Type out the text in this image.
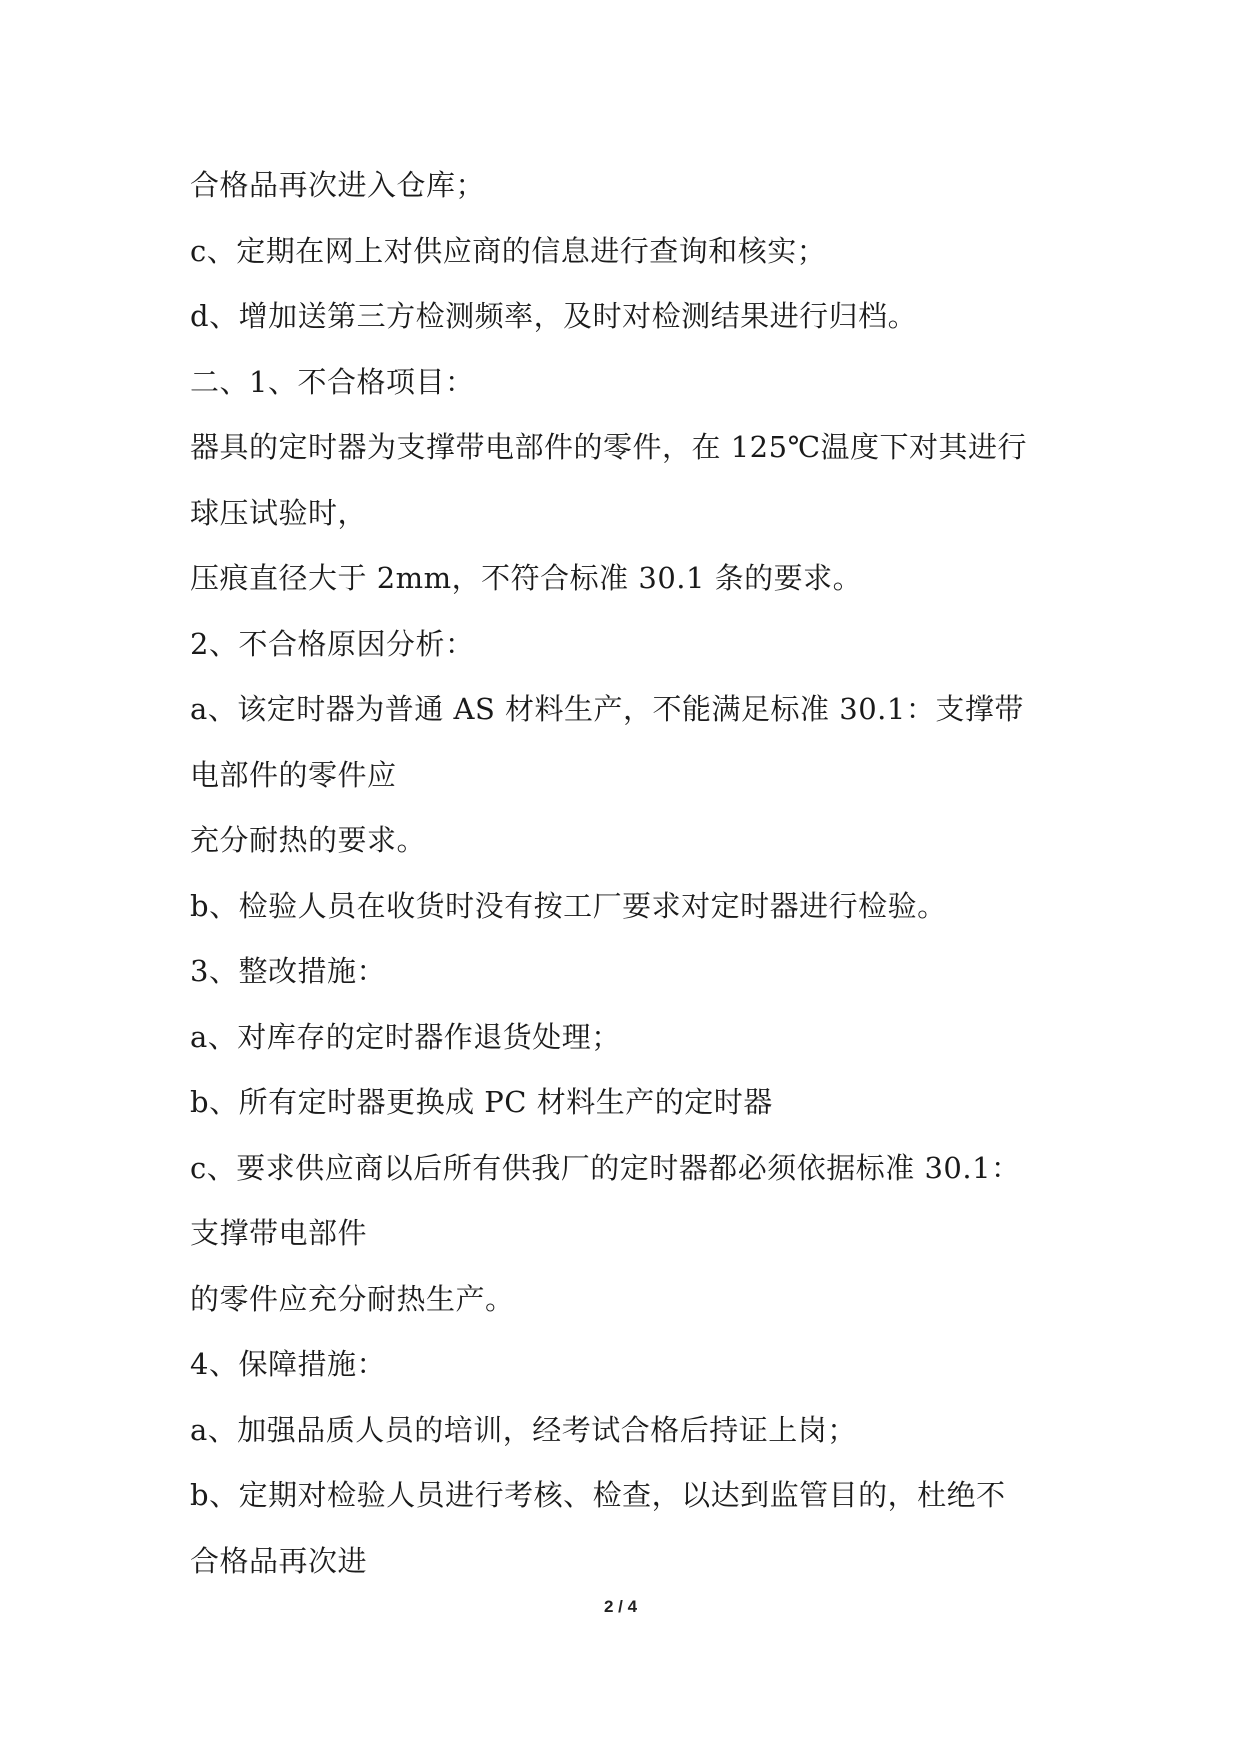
合格品再次进入仓库；
c、定期在网上对供应商的信息进行查询和核实；
d、增加送第三方检测频率，及时对检测结果进行归档。
二、1、不合格项目：
器具的定时器为支撑带电部件的零件，在 125℃温度下对其进行
球压试验时，
压痕直径大于 2mm，不符合标准 30.1 条的要求。
2、不合格原因分析：
a、该定时器为普通 AS 材料生产，不能满足标准 30.1：支撑带
电部件的零件应
充分耐热的要求。
b、检验人员在收货时没有按工厂要求对定时器进行检验。
3、整改措施：
a、对库存的定时器作退货处理；
b、所有定时器更换成 PC 材料生产的定时器
c、要求供应商以后所有供我厂的定时器都必须依据标准 30.1：
支撑带电部件
的零件应充分耐热生产。
4、保障措施：
a、加强品质人员的培训，经考试合格后持证上岗；
b、定期对检验人员进行考核、检查，以达到监管目的，杜绝不
合格品再次进
2 / 4
